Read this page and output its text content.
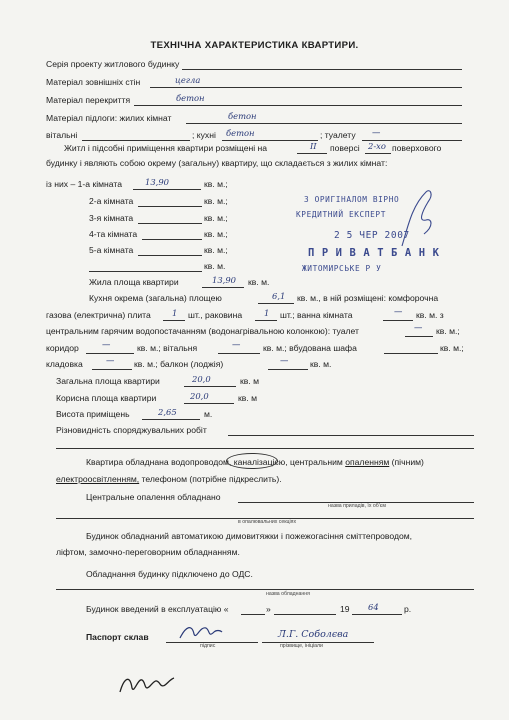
ТЕХНІЧНА ХАРАКТЕРИСТИКА КВАРТИРИ.
Серія проекту житлового будинку
Матеріал зовнішніх стін	цегла
Матеріал перекриття	бетон
Матеріал підлоги: жилих кімнат	бетон
вітальні	; кухні бетон	; туалету —
Житл і підсобні приміщення квартири розміщені на	II поверсі 2-хо поверхового
будинку і являють собою окрему (загальну) квартиру, що складається з жилих кімнат:
із них – 1-а кімната	13,90	кв. м.;
2-а кімната	кв. м.;
3-я кімната	кв. м.;
4-та кімната	кв. м.;
5-а кімната	кв. м.;
кв. м.
Жила площа квартири	13,90 кв. м.
Кухня окрема (загальна) площею	6,1 кв. м., в ній розміщені: комфорочна
газова (електрична) плита	1 шт., раковина	1 шт.; ванна кімната	— кв. м. з
центральним гарячим водопостачанням (водонагрівальною колонкою): туалет	— кв. м.;
коридор	—	кв. м.; вітальня	—	кв. м.; вбудована шафа	кв. м.;
кладовка	— кв. м.; балкон (лоджія)	—	кв. м.
Загальна площа квартири	20,0	кв. м
Корисна площа квартири	20,0	кв. м
Висота приміщень	2,65	м.
Різновидність споряджувальних робіт
Квартира обладнана водопроводом, каналізацією, центральним опаленням (пічним)
електроосвітленням, телефоном (потрібне підкреслить).
Центральне опалення обладнано
назва приладів, їх об'єм
в опалювальних секціях
Будинок обладнаний автоматикою димовитяжки і пожежогасіння сміттепроводом,
ліфтом, замочно-переговорним обладнанням.
Обладнання будинку підключено до ОДС.
назва обладнання
Будинок введений в експлуатацію «	»	19 64	р.
Паспорт склав
підпис
Л.Г. Соболєва
прізвище, ініціали
З ОРИГІНАЛОМ ВІРНО
КРЕДИТНИЙ ЕКСПЕРТ
2 5 ЧЕР 2007
П Р И В А Т Б А Н К
ЖИТОМИРСЬКЕ Р У
